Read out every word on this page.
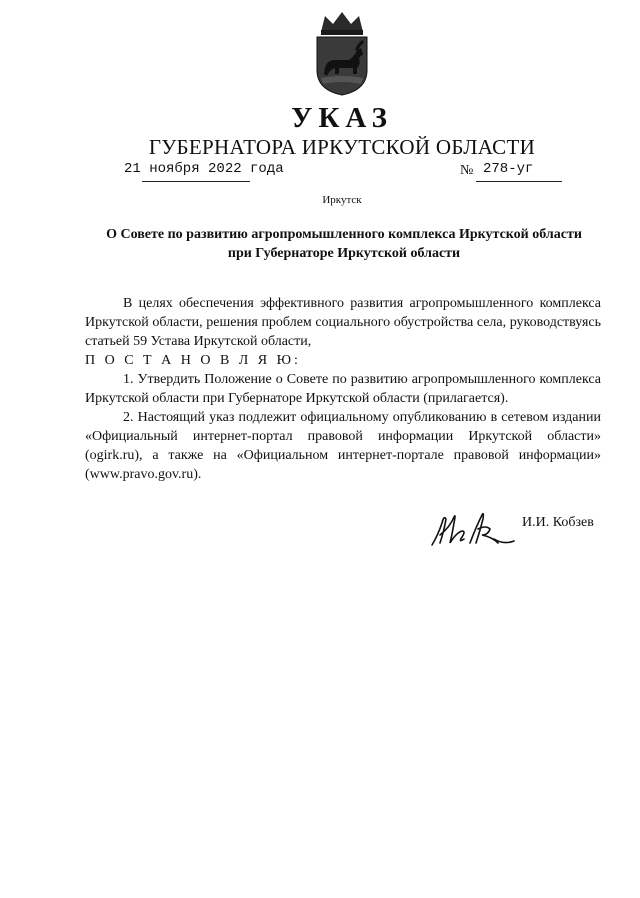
УКАЗ
ГУБЕРНАТОРА ИРКУТСКОЙ ОБЛАСТИ
21 ноября 2022 года	№ 278-уг
Иркутск
О Совете по развитию агропромышленного комплекса Иркутской области
при Губернаторе Иркутской области

В целях обеспечения эффективного развития агропромышленного комплекса Иркутской области, решения проблем социального обустройства села, руководствуясь статьей 59 Устава Иркутской области,

П О С Т А Н О В Л Я Ю:

1. Утвердить Положение о Совете по развитию агропромышленного комплекса Иркутской области при Губернаторе Иркутской области (прилагается).

2. Настоящий указ подлежит официальному опубликованию в сетевом издании «Официальный интернет-портал правовой информации Иркутской области» (ogirk.ru), а также на «Официальном интернет-портале правовой информации» (www.pravo.gov.ru).

И.И. Кобзев
